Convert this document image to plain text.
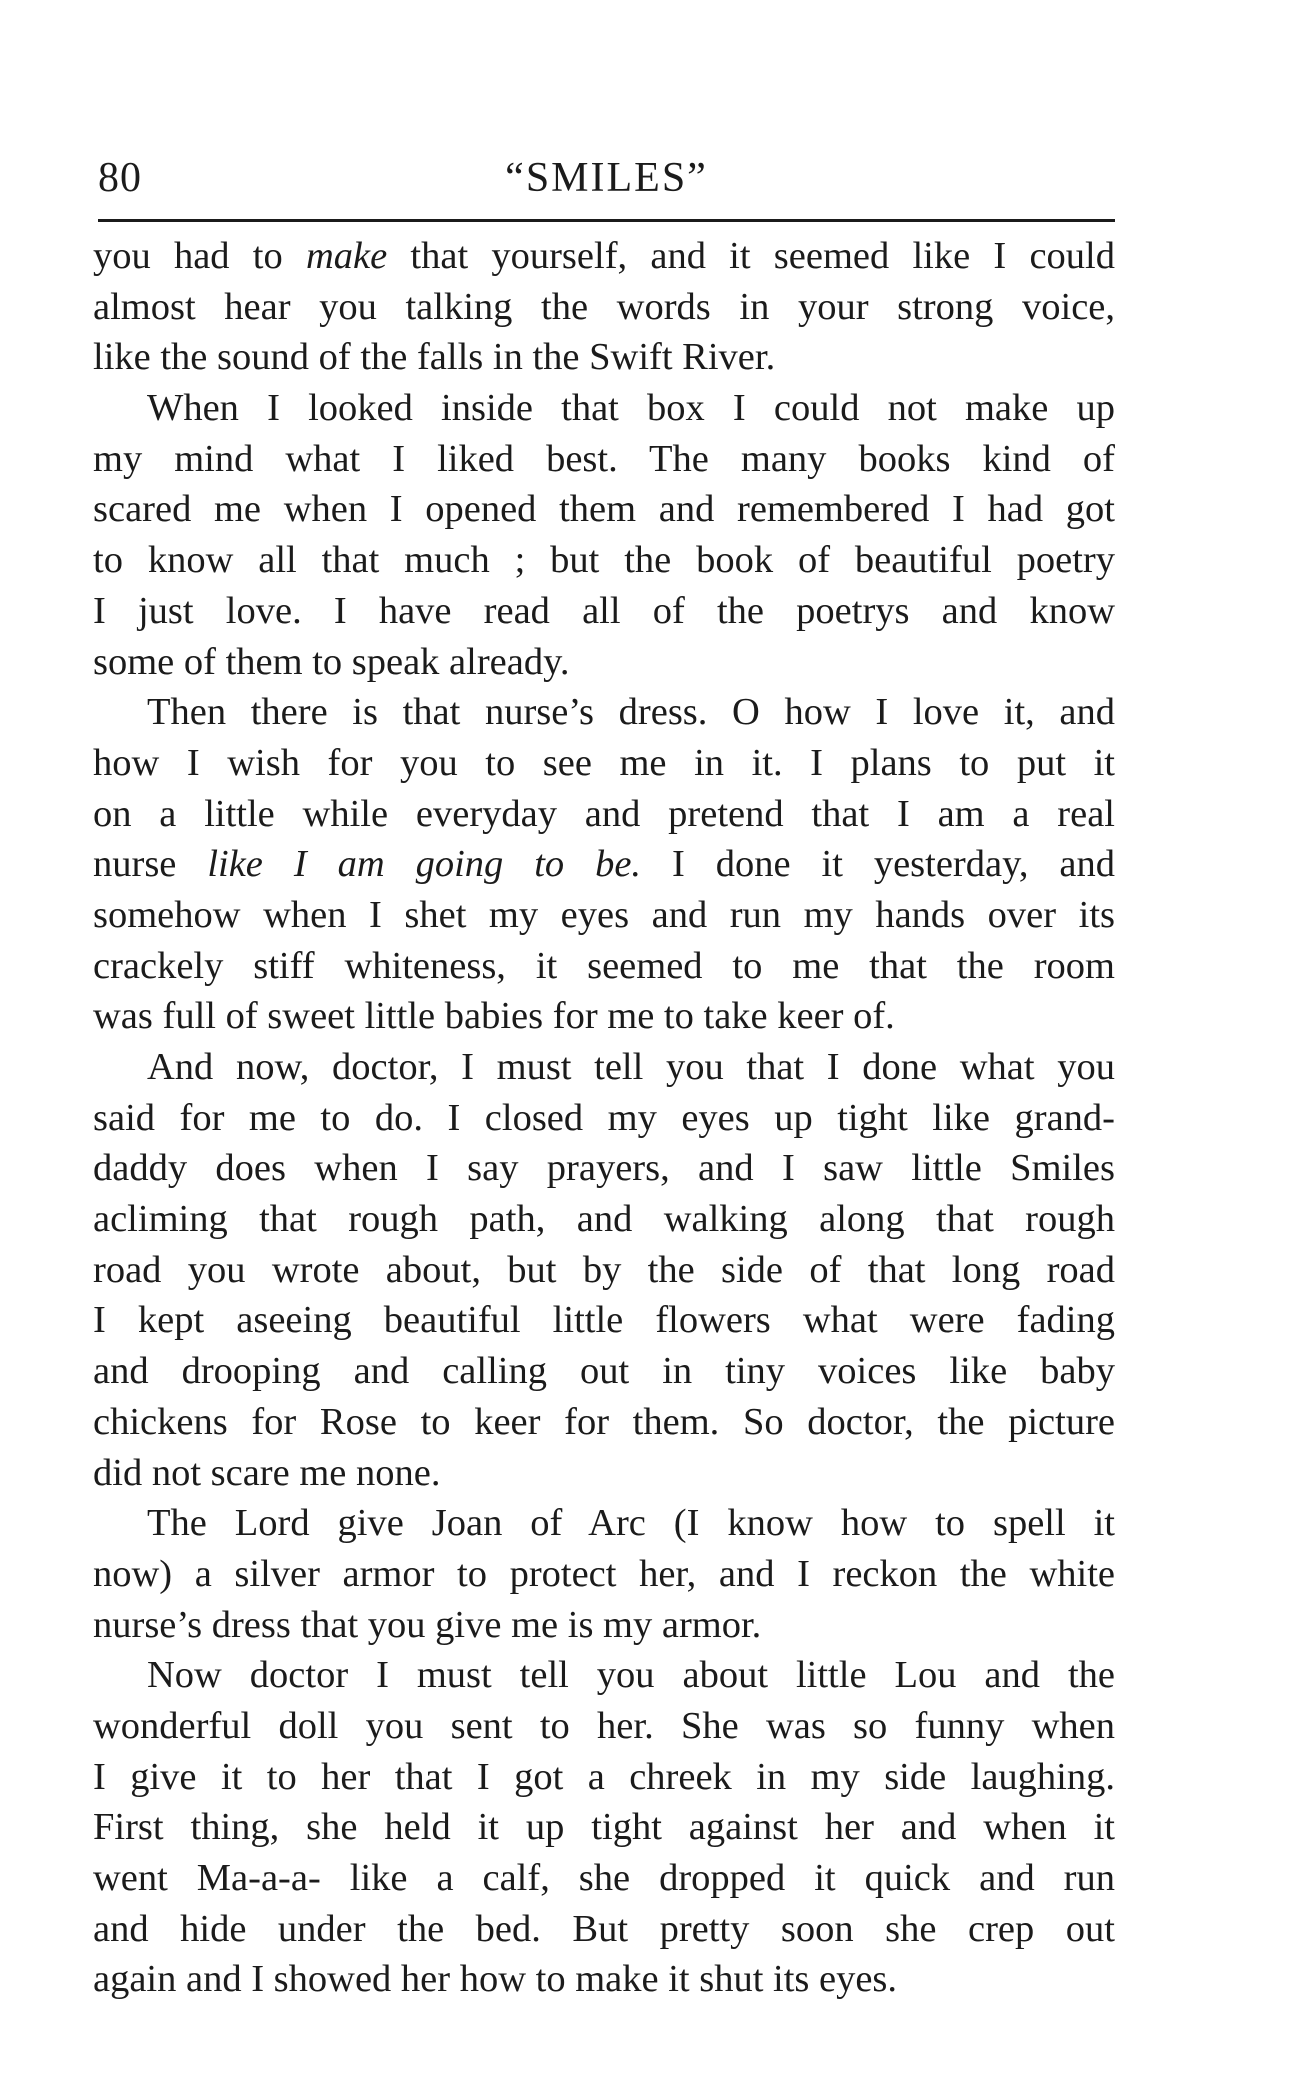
80	“SMILES”
you had to make that yourself, and it seemed like I could
almost hear you talking the words in your strong voice,
like the sound of the falls in the Swift River.
When I looked inside that box I could not make up
my mind what I liked best. The many books kind of
scared me when I opened them and remembered I had got
to know all that much ; but the book of beautiful poetry
I just love. I have read all of the poetrys and know
some of them to speak already.
Then there is that nurse’s dress. O how I love it, and
how I wish for you to see me in it. I plans to put it
on a little while everyday and pretend that I am a real
nurse like I am going to be. I done it yesterday, and
somehow when I shet my eyes and run my hands over its
crackely stiff whiteness, it seemed to me that the room
was full of sweet little babies for me to take keer of.
And now, doctor, I must tell you that I done what you
said for me to do. I closed my eyes up tight like grand-
daddy does when I say prayers, and I saw little Smiles
acliming that rough path, and walking along that rough
road you wrote about, but by the side of that long road
I kept aseeing beautiful little flowers what were fading
and drooping and calling out in tiny voices like baby
chickens for Rose to keer for them. So doctor, the picture
did not scare me none.
The Lord give Joan of Arc (I know how to spell it
now) a silver armor to protect her, and I reckon the white
nurse’s dress that you give me is my armor.
Now doctor I must tell you about little Lou and the
wonderful doll you sent to her. She was so funny when
I give it to her that I got a chreek in my side laughing.
First thing, she held it up tight against her and when it
went Ma-a-a- like a calf, she dropped it quick and run
and hide under the bed. But pretty soon she crep out
again and I showed her how to make it shut its eyes.
